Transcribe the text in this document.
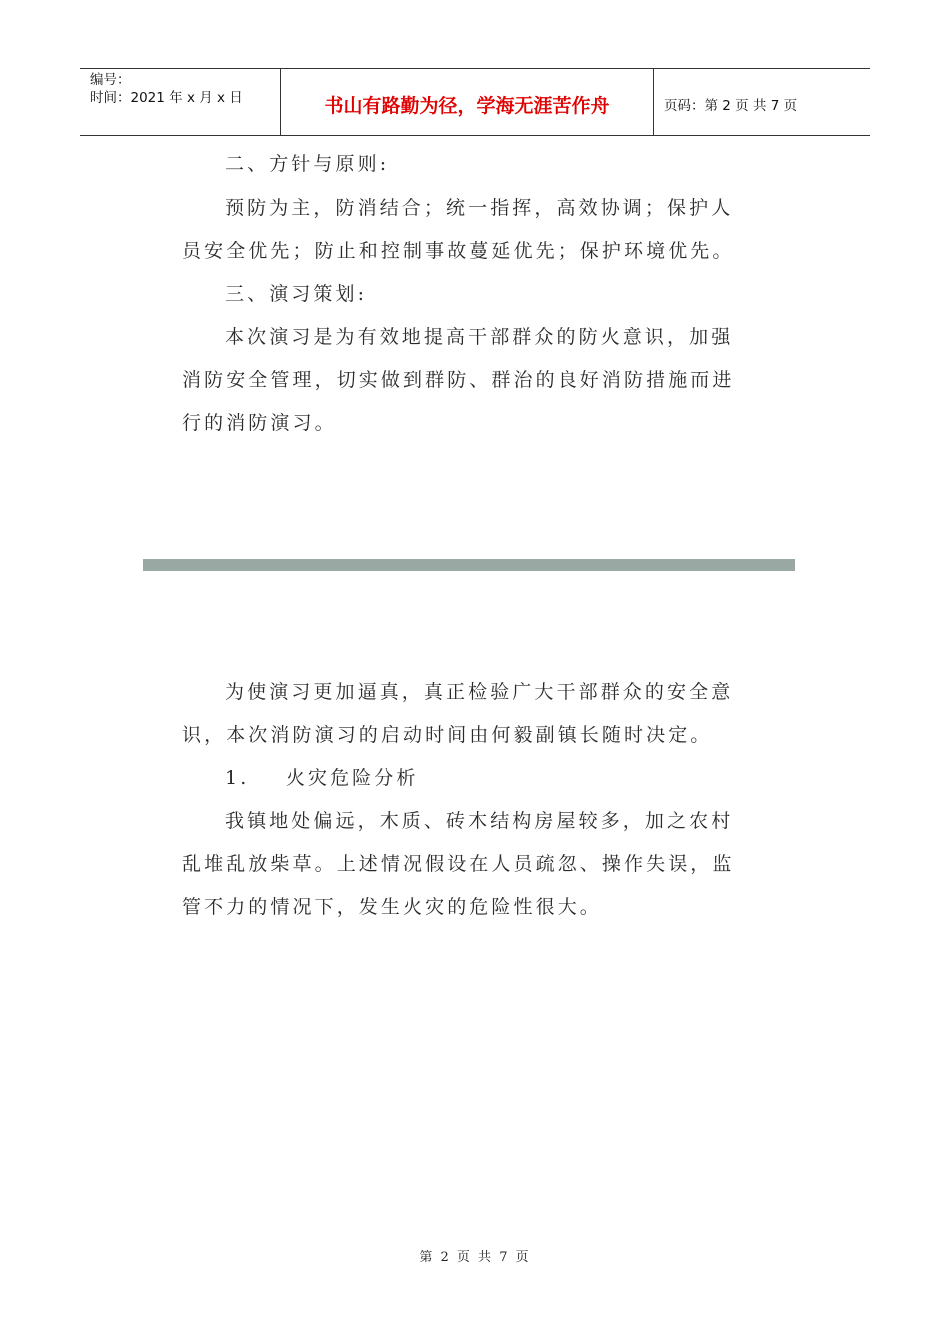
编号：
时间：2021 年 x 月 x 日	书山有路勤为径，学海无涯苦作舟	页码：第 2 页 共 7 页

二、方针与原则:

预防为主，防消结合；统一指挥，高效协调；保护人员安全优先；防止和控制事故蔓延优先；保护环境优先。

三、演习策划:

本次演习是为有效地提高干部群众的防火意识，加强消防安全管理，切实做到群防、群治的良好消防措施而进行的消防演习。

为使演习更加逼真，真正检验广大干部群众的安全意识，本次消防演习的启动时间由何毅副镇长随时决定。

1.    火灾危险分析

我镇地处偏远，木质、砖木结构房屋较多，加之农村乱堆乱放柴草。上述情况假设在人员疏忽、操作失误，监管不力的情况下，发生火灾的危险性很大。

第 2 页 共 7 页
